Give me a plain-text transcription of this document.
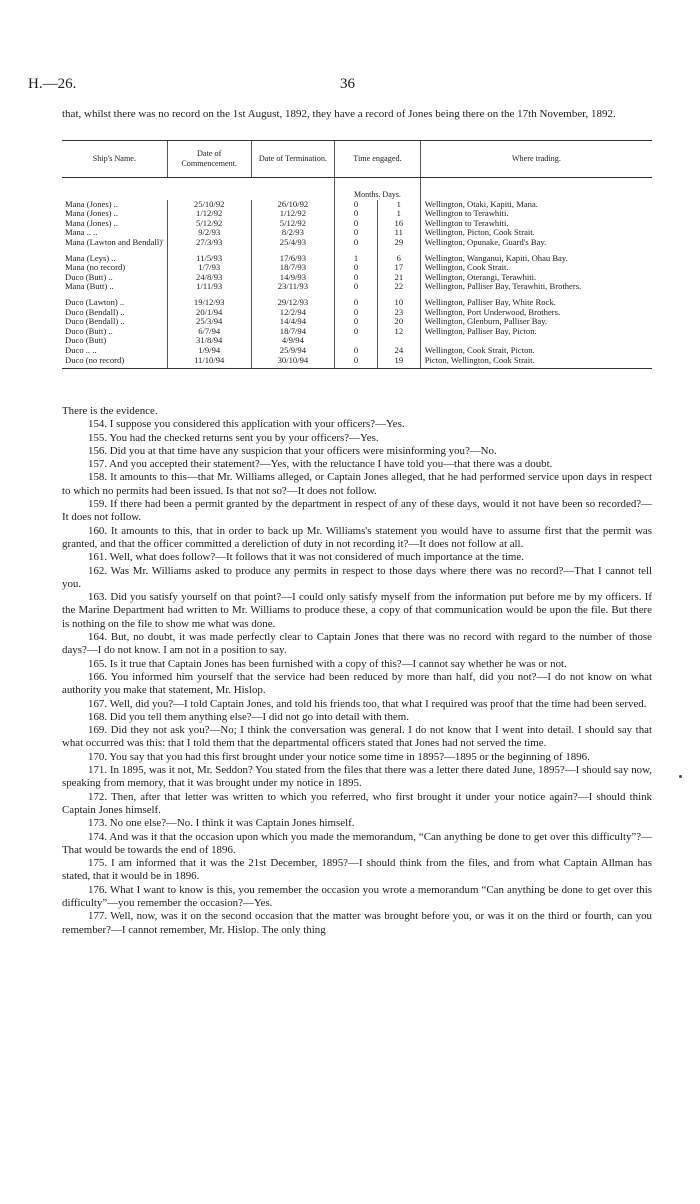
H.—26.	36
that, whilst there was no record on the 1st August, 1892, they have a record of Jones being there on the 17th November, 1892.
Ship's Name.	Date of Commencement.	Date of Termination.	Time engaged.		Where trading.
			Months. Days.		
Mana (Jones) ..	25/10/92	26/10/92	0	1	Wellington, Otaki, Kapiti, Mana.
Mana (Jones) ..	1/12/92	1/12/92	0	1	Wellington to Terawhiti.
Mana (Jones) ..	5/12/92	5/12/92	0	16	Wellington to Terawhiti.
Mana .. ..	9/2/93	8/2/93	0	11	Wellington, Picton, Cook Strait.
Mana (Lawton and Bendall)'	27/3/93	25/4/93	0	29	Wellington, Opunake, Guard's Bay.

Mana (Leys) ..	11/5/93	17/6/93	1	6	Wellington, Wanganui, Kapiti, Ohau Bay.
Mana (no record)	1/7/93	18/7/93	0	17	Wellington, Cook Strait.
Duco (Butt) ..	24/8/93	14/9/93	0	21	Wellington, Oterangi, Terawhiti.
Mana (Butt) ..	1/11/93	23/11/93	0	22	Wellington, Palliser Bay, Terawhiti, Brothers.

Duco (Lawton) ..	19/12/93	29/12/93	0	10	Wellington, Palliser Bay, White Rock.
Duco (Bendall) ..	20/1/94	12/2/94	0	23	Wellington, Port Underwood, Brothers.
Duco (Bendall) ..	25/3/94	14/4/94	0	20	Wellington, Glenburn, Palliser Bay.
Duco (Butt) ..	6/7/94	18/7/94	0	12	Wellington, Palliser Bay, Picton.
Duco (Butt)	31/8/94	4/9/94			
Duco .. ..	1/9/94	25/9/94	0	24	Wellington, Cook Strait, Picton.
Duco (no record)	11/10/94	30/10/94	0	19	Picton, Wellington, Cook Strait.

There is the evidence.

154. I suppose you considered this application with your officers?—Yes.

155. You had the checked returns sent you by your officers?—Yes.

156. Did you at that time have any suspicion that your officers were misinforming you?—No.

157. And you accepted their statement?—Yes, with the reluctance I have told you—that there was a doubt.

158. It amounts to this—that Mr. Williams alleged, or Captain Jones alleged, that he had performed service upon days in respect to which no permits had been issued. Is that not so?—It does not follow.

159. If there had been a permit granted by the department in respect of any of these days, would it not have been so recorded?—It does not follow.

160. It amounts to this, that in order to back up Mr. Williams's statement you would have to assume first that the permit was granted, and that the officer committed a dereliction of duty in not recording it?—It does not follow at all.

161. Well, what does follow?—It follows that it was not considered of much importance at the time.

162. Was Mr. Williams asked to produce any permits in respect to those days where there was no record?—That I cannot tell you.

163. Did you satisfy yourself on that point?—I could only satisfy myself from the information put before me by my officers. If the Marine Department had written to Mr. Williams to produce these, a copy of that communication would be upon the file. But there is nothing on the file to show me what was done.

164. But, no doubt, it was made perfectly clear to Captain Jones that there was no record with regard to the number of those days?—I do not know. I am not in a position to say.

165. Is it true that Captain Jones has been furnished with a copy of this?—I cannot say whether he was or not.

166. You informed him yourself that the service had been reduced by more than half, did you not?—I do not know on what authority you make that statement, Mr. Hislop.

167. Well, did you?—I told Captain Jones, and told his friends too, that what I required was proof that the time had been served.

168. Did you tell them anything else?—I did not go into detail with them.

169. Did they not ask you?—No; I think the conversation was general. I do not know that I went into detail. I should say that what occurred was this: that I told them that the departmental officers stated that Jones had not served the time.

170. You say that you had this first brought under your notice some time in 1895?—1895 or the beginning of 1896.

171. In 1895, was it not, Mr. Seddon? You stated from the files that there was a letter there dated June, 1895?—I should say now, speaking from memory, that it was brought under my notice in 1895.

172. Then, after that letter was written to which you referred, who first brought it under your notice again?—I should think Captain Jones himself.

173. No one else?—No. I think it was Captain Jones himself.

174. And was it that the occasion upon which you made the memorandum, “Can anything be done to get over this difficulty”?—That would be towards the end of 1896.

175. I am informed that it was the 21st December, 1895?—I should think from the files, and from what Captain Allman has stated, that it would be in 1896.

176. What I want to know is this, you remember the occasion you wrote a memorandum “Can anything be done to get over this difficulty”—you remember the occasion?—Yes.

177. Well, now, was it on the second occasion that the matter was brought before you, or was it on the third or fourth, can you remember?—I cannot remember, Mr. Hislop. The only thing
